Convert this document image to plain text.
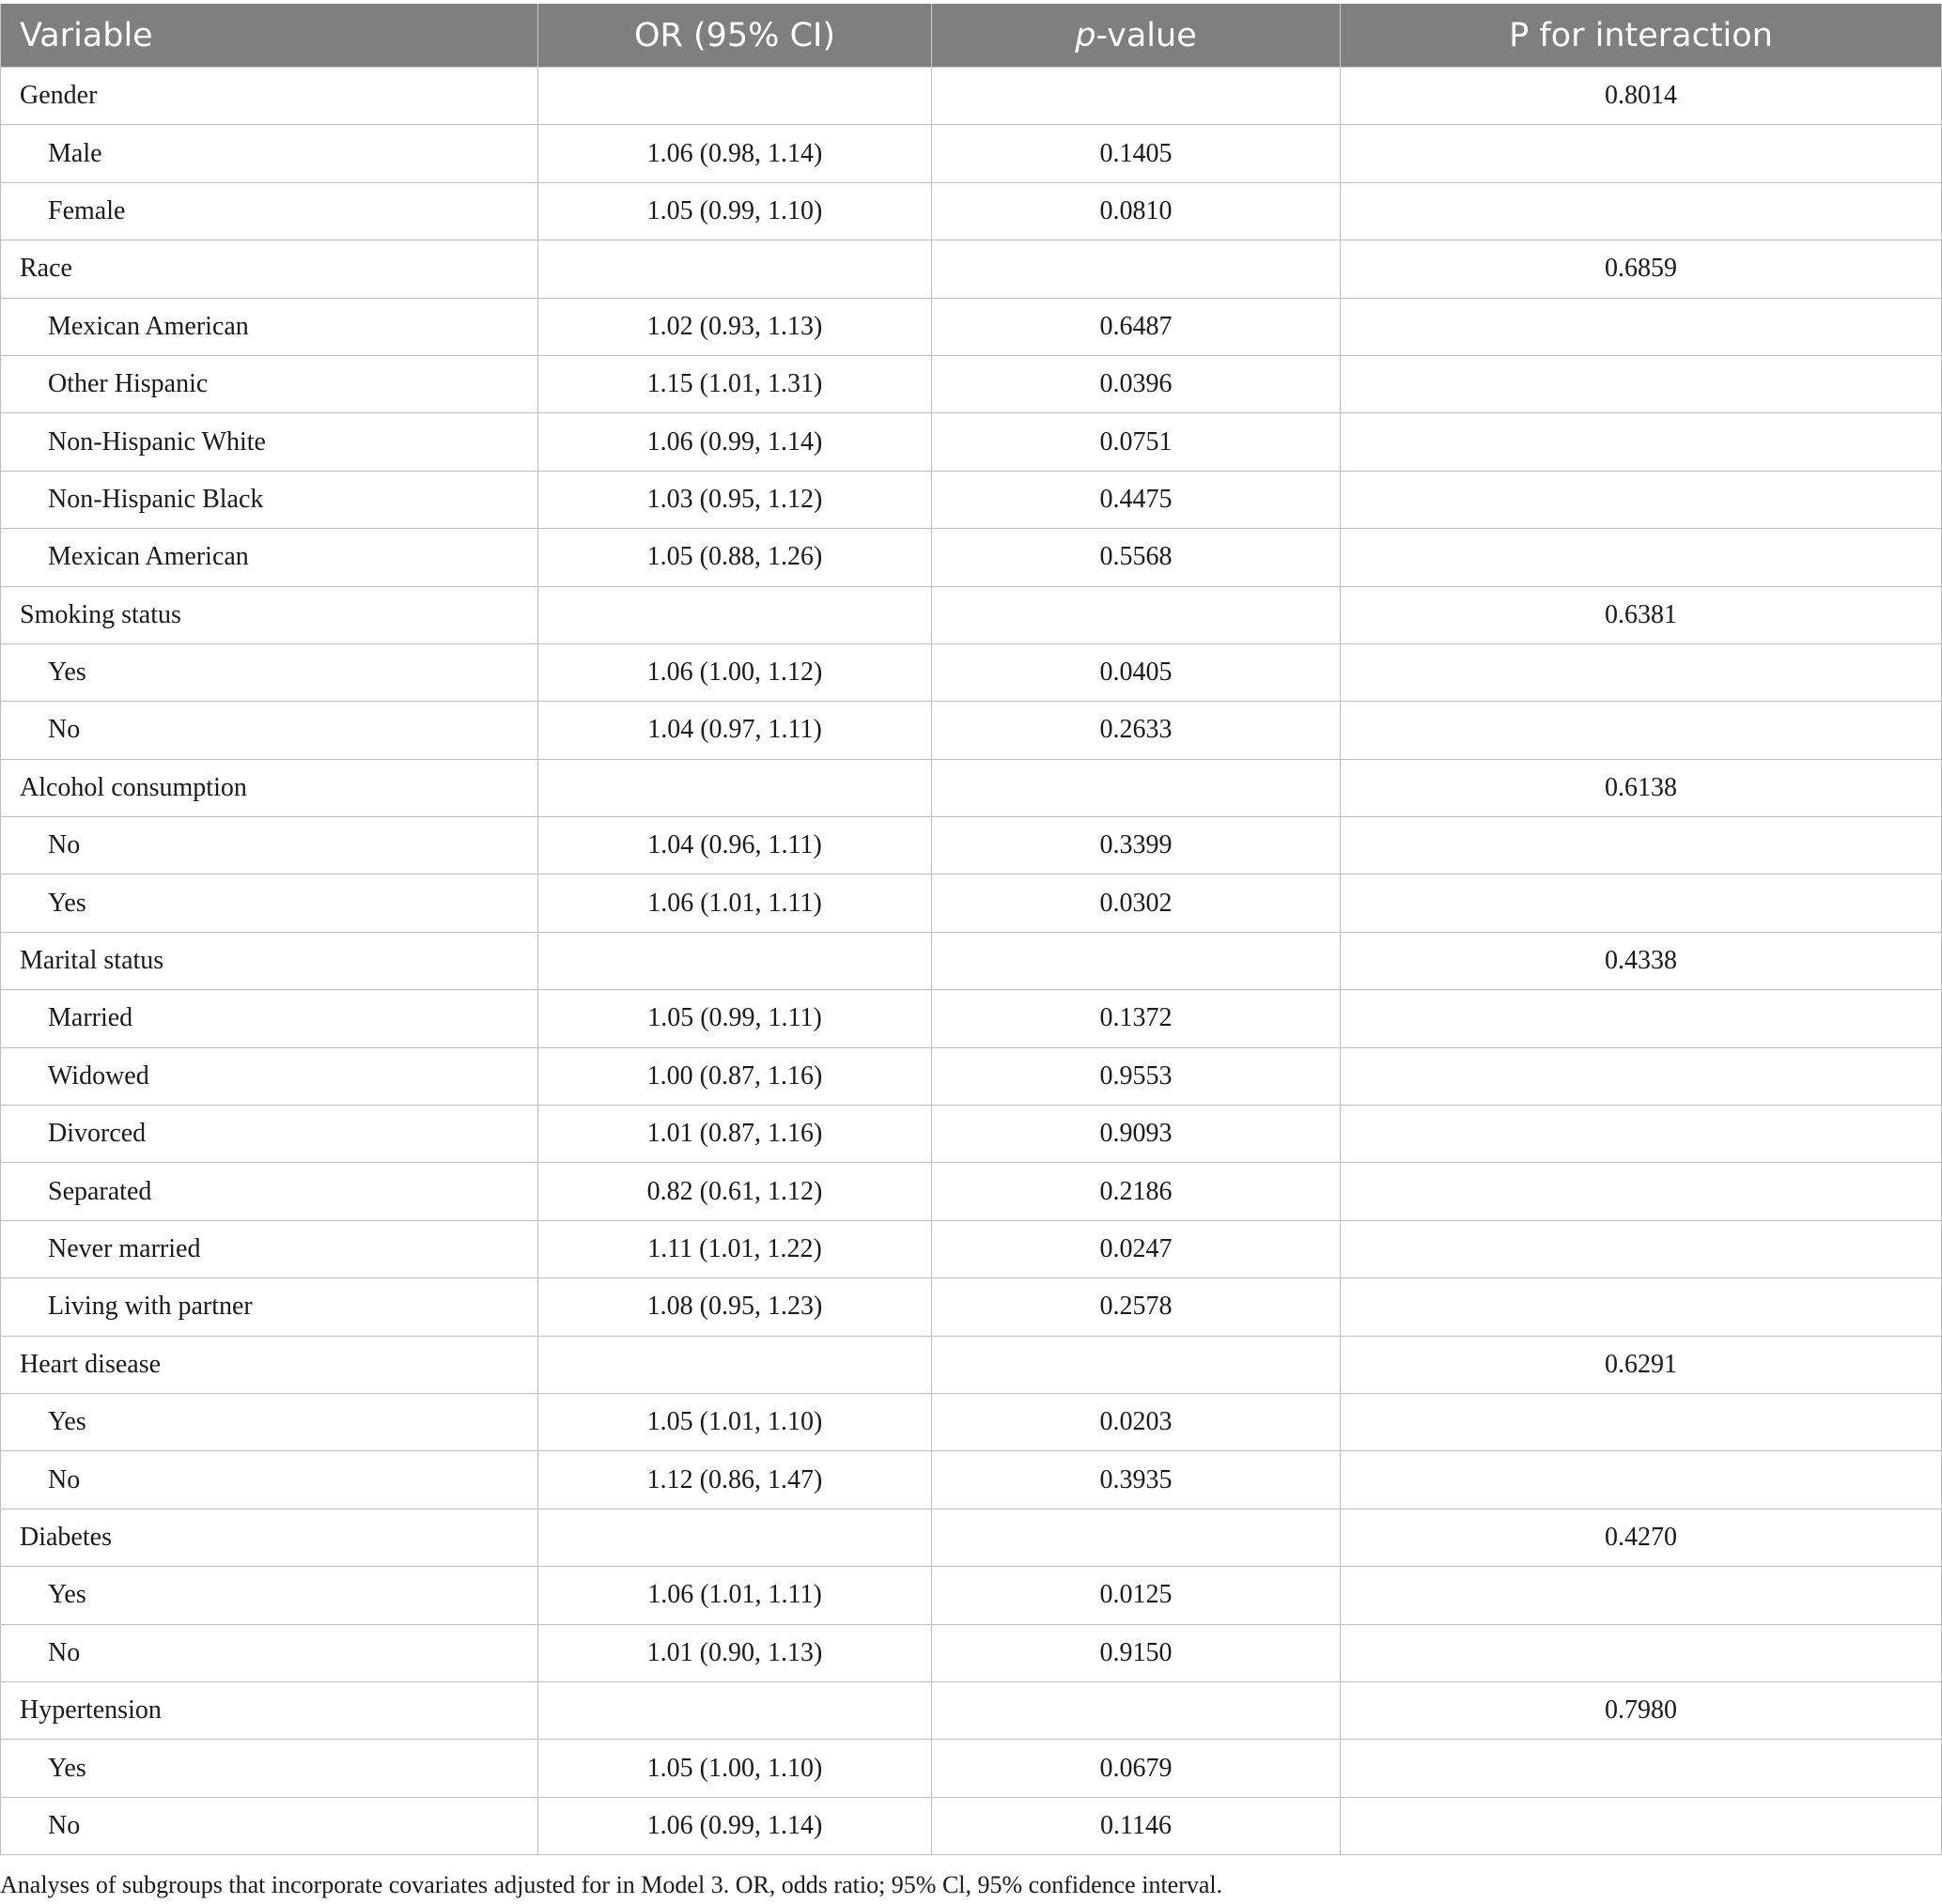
Variable	OR (95% CI)	p-value	P for interaction
Gender			0.8014
Male	1.06 (0.98, 1.14)	0.1405	
Female	1.05 (0.99, 1.10)	0.0810	
Race			0.6859
Mexican American	1.02 (0.93, 1.13)	0.6487	
Other Hispanic	1.15 (1.01, 1.31)	0.0396	
Non-Hispanic White	1.06 (0.99, 1.14)	0.0751	
Non-Hispanic Black	1.03 (0.95, 1.12)	0.4475	
Mexican American	1.05 (0.88, 1.26)	0.5568	
Smoking status			0.6381
Yes	1.06 (1.00, 1.12)	0.0405	
No	1.04 (0.97, 1.11)	0.2633	
Alcohol consumption			0.6138
No	1.04 (0.96, 1.11)	0.3399	
Yes	1.06 (1.01, 1.11)	0.0302	
Marital status			0.4338
Married	1.05 (0.99, 1.11)	0.1372	
Widowed	1.00 (0.87, 1.16)	0.9553	
Divorced	1.01 (0.87, 1.16)	0.9093	
Separated	0.82 (0.61, 1.12)	0.2186	
Never married	1.11 (1.01, 1.22)	0.0247	
Living with partner	1.08 (0.95, 1.23)	0.2578	
Heart disease			0.6291
Yes	1.05 (1.01, 1.10)	0.0203	
No	1.12 (0.86, 1.47)	0.3935	
Diabetes			0.4270
Yes	1.06 (1.01, 1.11)	0.0125	
No	1.01 (0.90, 1.13)	0.9150	
Hypertension			0.7980
Yes	1.05 (1.00, 1.10)	0.0679	
No	1.06 (0.99, 1.14)	0.1146	
Analyses of subgroups that incorporate covariates adjusted for in Model 3. OR, odds ratio; 95% Cl, 95% confidence interval.
